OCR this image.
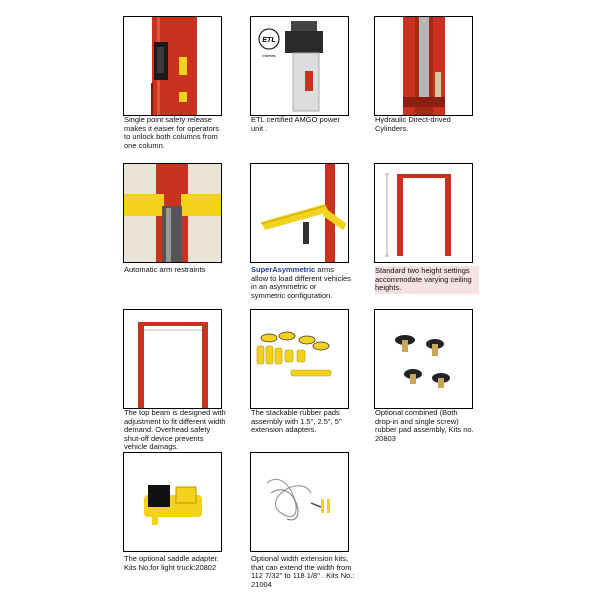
Single point safety release makes it easier for operators to unlock both columns from one column.

ETL
Intertek

ETL certified AMGO power unit .

Hydraulic Direct-drived Cylinders.

Automatic arm restraints	SuperAsymmetric arms allow to load different vehicles in an asymmetric or symmetric configuration.

Standard two height settings accommodate varying ceiling heights.

The top beam is designed with adjustment to fit different width demand. Overhead safety shut-off device prevents vehicle damags.

The stackable rubber pads assembly with 1.5", 2.5", 5" extension adapters.

Optional combined (Both drop-in and single screw) rubber pad assembly, Kits no. 20803

The optional saddle adapter. Kits No.for light truck:20802

Optional width extension kits, that can extend the width from 112 7/32" to 118 1/8" . Kits No.: 21004
